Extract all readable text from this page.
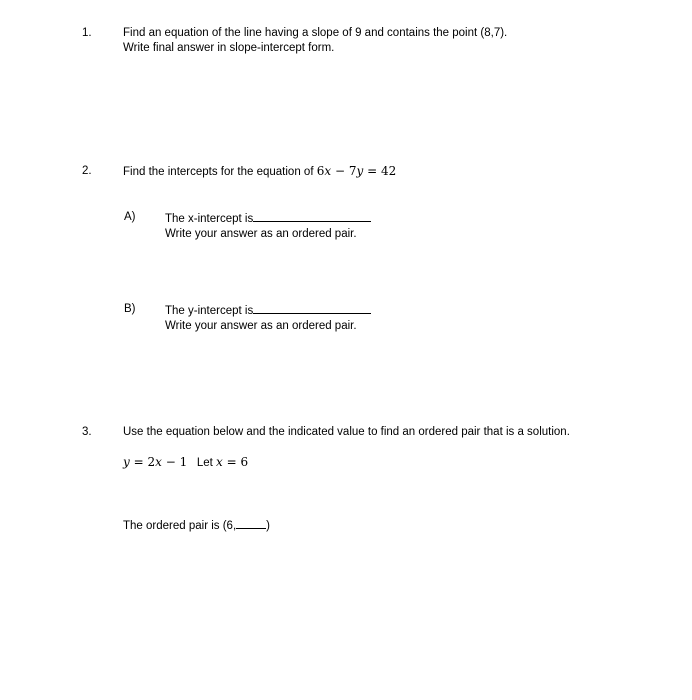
1.	Find an equation of the line having a slope of 9 and contains the point (8,7).
Write final answer in slope-intercept form.
2.	Find the intercepts for the equation of 6x − 7y = 42
A)	The x-intercept is
Write your answer as an ordered pair.
B)	The y-intercept is
Write your answer as an ordered pair.
3.	Use the equation below and the indicated value to find an ordered pair that is a solution.
y = 2x − 1 Let x = 6
The ordered pair is (6,	)
